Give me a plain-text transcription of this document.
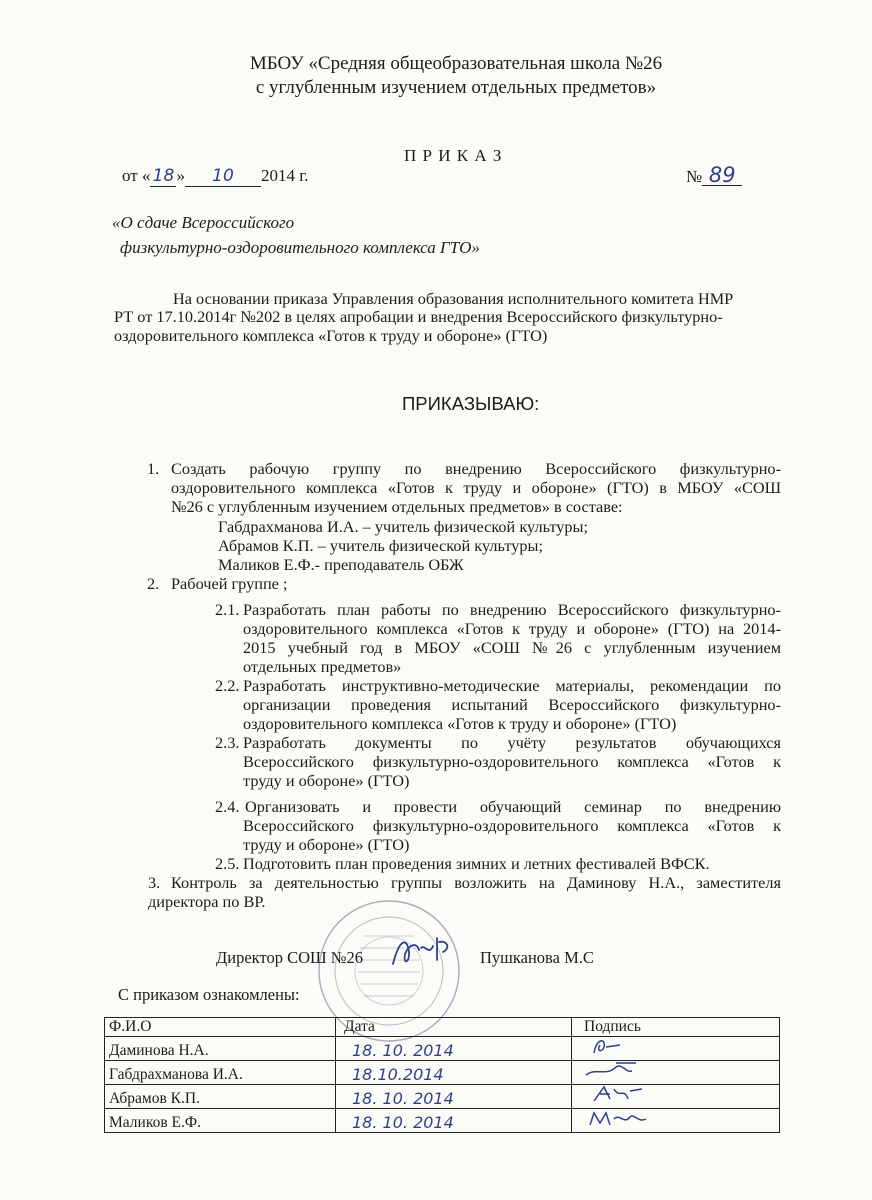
МБОУ «Средняя общеобразовательная школа №26
с углубленным изучением отдельных предметов»
П Р И К А З
от « 18 » 10 2014 г.	№ 89
«О сдаче Всероссийского
физкультурно-оздоровительного комплекса ГТО»
На основании приказа Управления образования исполнительного комитета НМР
РТ от 17.10.2014г №202 в целях апробации и внедрения Всероссийского физкультурно-
оздоровительного комплекса «Готов к труду и обороне» (ГТО)
ПРИКАЗЫВАЮ:
1. Создать рабочую группу по внедрению Всероссийского физкультурно-
оздоровительного комплекса «Готов к труду и обороне» (ГТО) в МБОУ «СОШ
№26 с углубленным изучением отдельных предметов» в составе:
Габдрахманова И.А. – учитель физической культуры;
Абрамов К.П. – учитель физической культуры;
Маликов Е.Ф.- преподаватель ОБЖ
2. Рабочей группе ;
2.1. Разработать план работы по внедрению Всероссийского физкультурно-
оздоровительного комплекса «Готов к труду и обороне» (ГТО) на 2014-
2015 учебный год в МБОУ «СОШ №26 с углубленным изучением
отдельных предметов»
2.2. Разработать инструктивно-методические материалы, рекомендации по
организации проведения испытаний Всероссийского физкультурно-
оздоровительного комплекса «Готов к труду и обороне» (ГТО)
2.3. Разработать документы по учёту результатов обучающихся
Всероссийского физкультурно-оздоровительного комплекса «Готов к
труду и обороне» (ГТО)
2.4. Организовать и провести обучающий семинар по внедрению
Всероссийского физкультурно-оздоровительного комплекса «Готов к
труду и обороне» (ГТО)
2.5. Подготовить план проведения зимних и летних фестивалей ВФСК.
3. Контроль за деятельностью группы возложить на Даминову Н.А., заместителя
директора по ВР.
Директор СОШ №26	Пушканова М.С
С приказом ознакомлены:
Ф.И.О	Дата	Подпись
Даминова Н.А.	18. 10. 2014	
Габдрахманова И.А.	18.10.2014	
Абрамов К.П.	18. 10. 2014	
Маликов Е.Ф.	18. 10. 2014	
